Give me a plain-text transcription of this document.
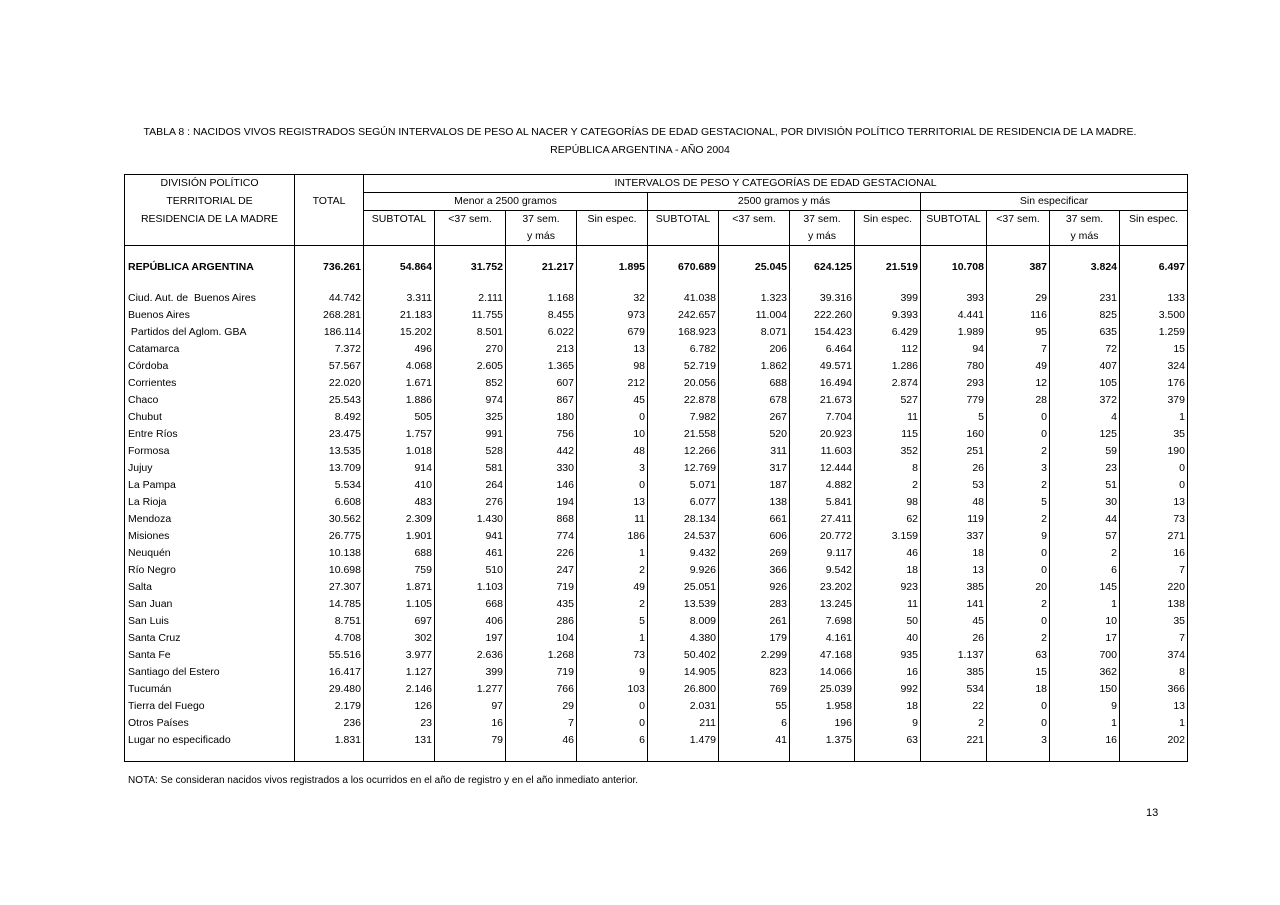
TABLA 8 : NACIDOS VIVOS REGISTRADOS SEGÚN INTERVALOS DE PESO AL NACER Y CATEGORÍAS DE EDAD GESTACIONAL, POR DIVISIÓN POLÍTICO TERRITORIAL DE RESIDENCIA DE LA MADRE.
REPÚBLICA ARGENTINA - AÑO 2004
DIVISIÓN POLÍTICO		INTERVALOS DE PESO Y CATEGORÍAS DE EDAD GESTACIONAL											
TERRITORIAL DE	TOTAL	Menor a 2500 gramos				2500 gramos y más				Sin especificar			
RESIDENCIA DE LA MADRE		SUBTOTAL	<37 sem.	37 sem.	Sin espec.	SUBTOTAL	<37 sem.	37 sem.	Sin espec.	SUBTOTAL	<37 sem.	37 sem.	Sin espec.
				y más				y más				y más	

REPÚBLICA ARGENTINA	736.261	54.864	31.752	21.217	1.895	670.689	25.045	624.125	21.519	10.708	387	3.824	6.497

Ciud. Aut. de  Buenos Aires	44.742	3.311	2.111	1.168	32	41.038	1.323	39.316	399	393	29	231	133
Buenos Aires	268.281	21.183	11.755	8.455	973	242.657	11.004	222.260	9.393	4.441	116	825	3.500
Partidos del Aglom. GBA	186.114	15.202	8.501	6.022	679	168.923	8.071	154.423	6.429	1.989	95	635	1.259
Catamarca	7.372	496	270	213	13	6.782	206	6.464	112	94	7	72	15
Córdoba	57.567	4.068	2.605	1.365	98	52.719	1.862	49.571	1.286	780	49	407	324
Corrientes	22.020	1.671	852	607	212	20.056	688	16.494	2.874	293	12	105	176
Chaco	25.543	1.886	974	867	45	22.878	678	21.673	527	779	28	372	379
Chubut	8.492	505	325	180	0	7.982	267	7.704	11	5	0	4	1
Entre Ríos	23.475	1.757	991	756	10	21.558	520	20.923	115	160	0	125	35
Formosa	13.535	1.018	528	442	48	12.266	311	11.603	352	251	2	59	190
Jujuy	13.709	914	581	330	3	12.769	317	12.444	8	26	3	23	0
La Pampa	5.534	410	264	146	0	5.071	187	4.882	2	53	2	51	0
La Rioja	6.608	483	276	194	13	6.077	138	5.841	98	48	5	30	13
Mendoza	30.562	2.309	1.430	868	11	28.134	661	27.411	62	119	2	44	73
Misiones	26.775	1.901	941	774	186	24.537	606	20.772	3.159	337	9	57	271
Neuquén	10.138	688	461	226	1	9.432	269	9.117	46	18	0	2	16
Río Negro	10.698	759	510	247	2	9.926	366	9.542	18	13	0	6	7
Salta	27.307	1.871	1.103	719	49	25.051	926	23.202	923	385	20	145	220
San Juan	14.785	1.105	668	435	2	13.539	283	13.245	11	141	2	1	138
San Luis	8.751	697	406	286	5	8.009	261	7.698	50	45	0	10	35
Santa Cruz	4.708	302	197	104	1	4.380	179	4.161	40	26	2	17	7
Santa Fe	55.516	3.977	2.636	1.268	73	50.402	2.299	47.168	935	1.137	63	700	374
Santiago del Estero	16.417	1.127	399	719	9	14.905	823	14.066	16	385	15	362	8
Tucumán	29.480	2.146	1.277	766	103	26.800	769	25.039	992	534	18	150	366
Tierra del Fuego	2.179	126	97	29	0	2.031	55	1.958	18	22	0	9	13
Otros Países	236	23	16	7	0	211	6	196	9	2	0	1	1
Lugar no especificado	1.831	131	79	46	6	1.479	41	1.375	63	221	3	16	202

NOTA: Se consideran nacidos vivos registrados a los ocurridos en el año de registro y en el año inmediato anterior.
13
